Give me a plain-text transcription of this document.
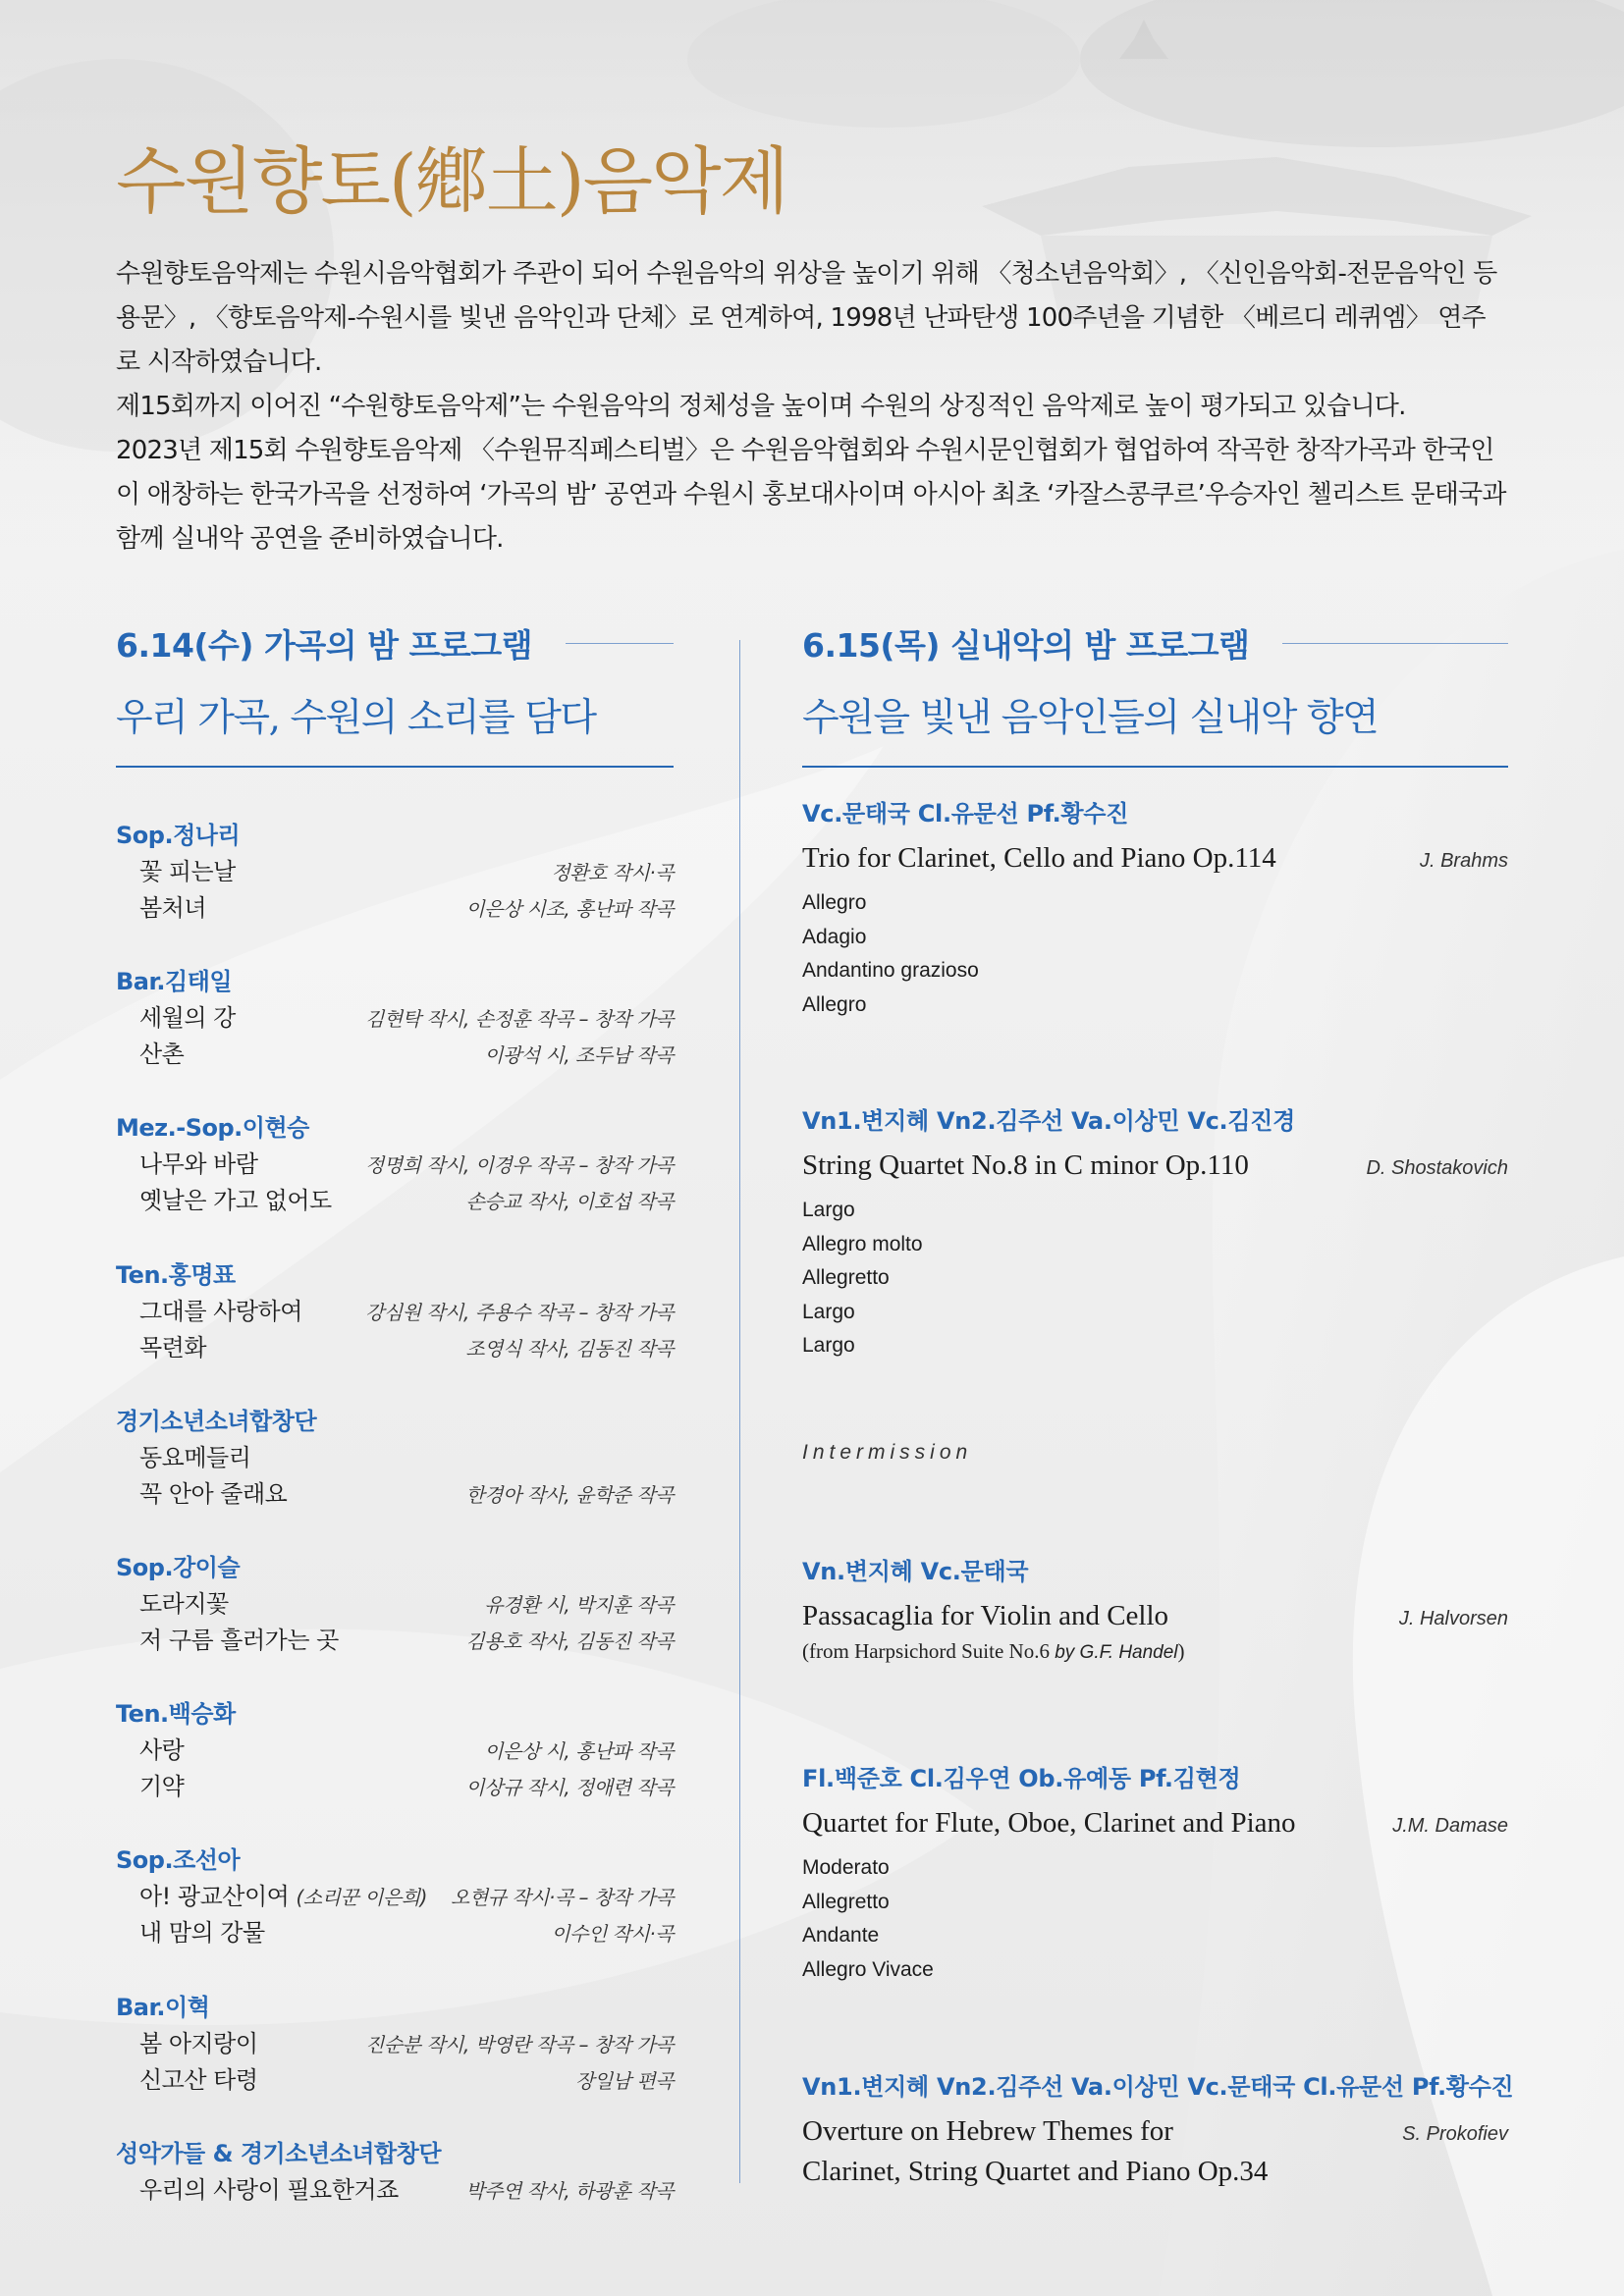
수원향토(鄕土)음악제

수원향토음악제는 수원시음악협회가 주관이 되어 수원음악의 위상을 높이기 위해 〈청소년음악회〉, 〈신인음악회-전문음악인 등용문〉, 〈향토음악제-수원시를 빛낸 음악인과 단체〉로 연계하여, 1998년 난파탄생 100주년을 기념한 〈베르디 레퀴엠〉 연주로 시작하였습니다.

제15회까지 이어진 “수원향토음악제”는 수원음악의 정체성을 높이며 수원의 상징적인 음악제로 높이 평가되고 있습니다.

2023년 제15회 수원향토음악제 〈수원뮤직페스티벌〉은 수원음악협회와 수원시문인협회가 협업하여 작곡한 창작가곡과 한국인이 애창하는 한국가곡을 선정하여 ‘가곡의 밤’ 공연과 수원시 홍보대사이며 아시아 최초 ‘카잘스콩쿠르’우승자인 첼리스트 문태국과 함께 실내악 공연을 준비하였습니다.

6.14(수) 가곡의 밤 프로그램
우리 가곡, 수원의 소리를 담다
Sop.정나리
꽃 피는날	정환호 작시·곡
봄처녀	이은상 시조, 홍난파 작곡
Bar.김태일
세월의 강	김현탁 작시, 손정훈 작곡 – 창작 가곡
산촌	이광석 시, 조두남 작곡
Mez.-Sop.이현승
나무와 바람	정명희 작시, 이경우 작곡 – 창작 가곡
옛날은 가고 없어도	손승교 작사, 이호섭 작곡
Ten.홍명표
그대를 사랑하여	강심원 작시, 주용수 작곡 – 창작 가곡
목련화	조영식 작사, 김동진 작곡
경기소년소녀합창단
동요메들리
꼭 안아 줄래요	한경아 작사, 윤학준 작곡
Sop.강이슬
도라지꽃	유경환 시, 박지훈 작곡
저 구름 흘러가는 곳	김용호 작사, 김동진 작곡
Ten.백승화
사랑	이은상 시, 홍난파 작곡
기약	이상규 작시, 정애련 작곡
Sop.조선아
아! 광교산이여 (소리꾼 이은희) 오현규 작시·곡 – 창작 가곡
내 맘의 강물	이수인 작시·곡
Bar.이혁
봄 아지랑이	진순분 작시, 박영란 작곡 – 창작 가곡
신고산 타령	장일남 편곡
성악가들 & 경기소년소녀합창단
우리의 사랑이 필요한거죠	박주연 작사, 하광훈 작곡
6.15(목) 실내악의 밤 프로그램
수원을 빛낸 음악인들의 실내악 향연
Vc.문태국 Cl.유문선 Pf.황수진
Trio for Clarinet, Cello and Piano Op.114	J. Brahms
Allegro
Adagio
Andantino grazioso
Allegro
Vn1.변지혜 Vn2.김주선 Va.이상민 Vc.김진경
String Quartet No.8 in C minor Op.110	D. Shostakovich
Largo
Allegro molto
Allegretto
Largo
Largo
Intermission
Vn.변지혜 Vc.문태국
Passacaglia for Violin and Cello	J. Halvorsen
(from Harpsichord Suite No.6 by G.F. Handel)
Fl.백준호 Cl.김우연 Ob.유예동 Pf.김현정
Quartet for Flute, Oboe, Clarinet and Piano	J.M. Damase
Moderato
Allegretto
Andante
Allegro Vivace
Vn1.변지혜 Vn2.김주선 Va.이상민 Vc.문태국 Cl.유문선 Pf.황수진
Overture on Hebrew Themes for	S. Prokofiev
Clarinet, String Quartet and Piano Op.34
